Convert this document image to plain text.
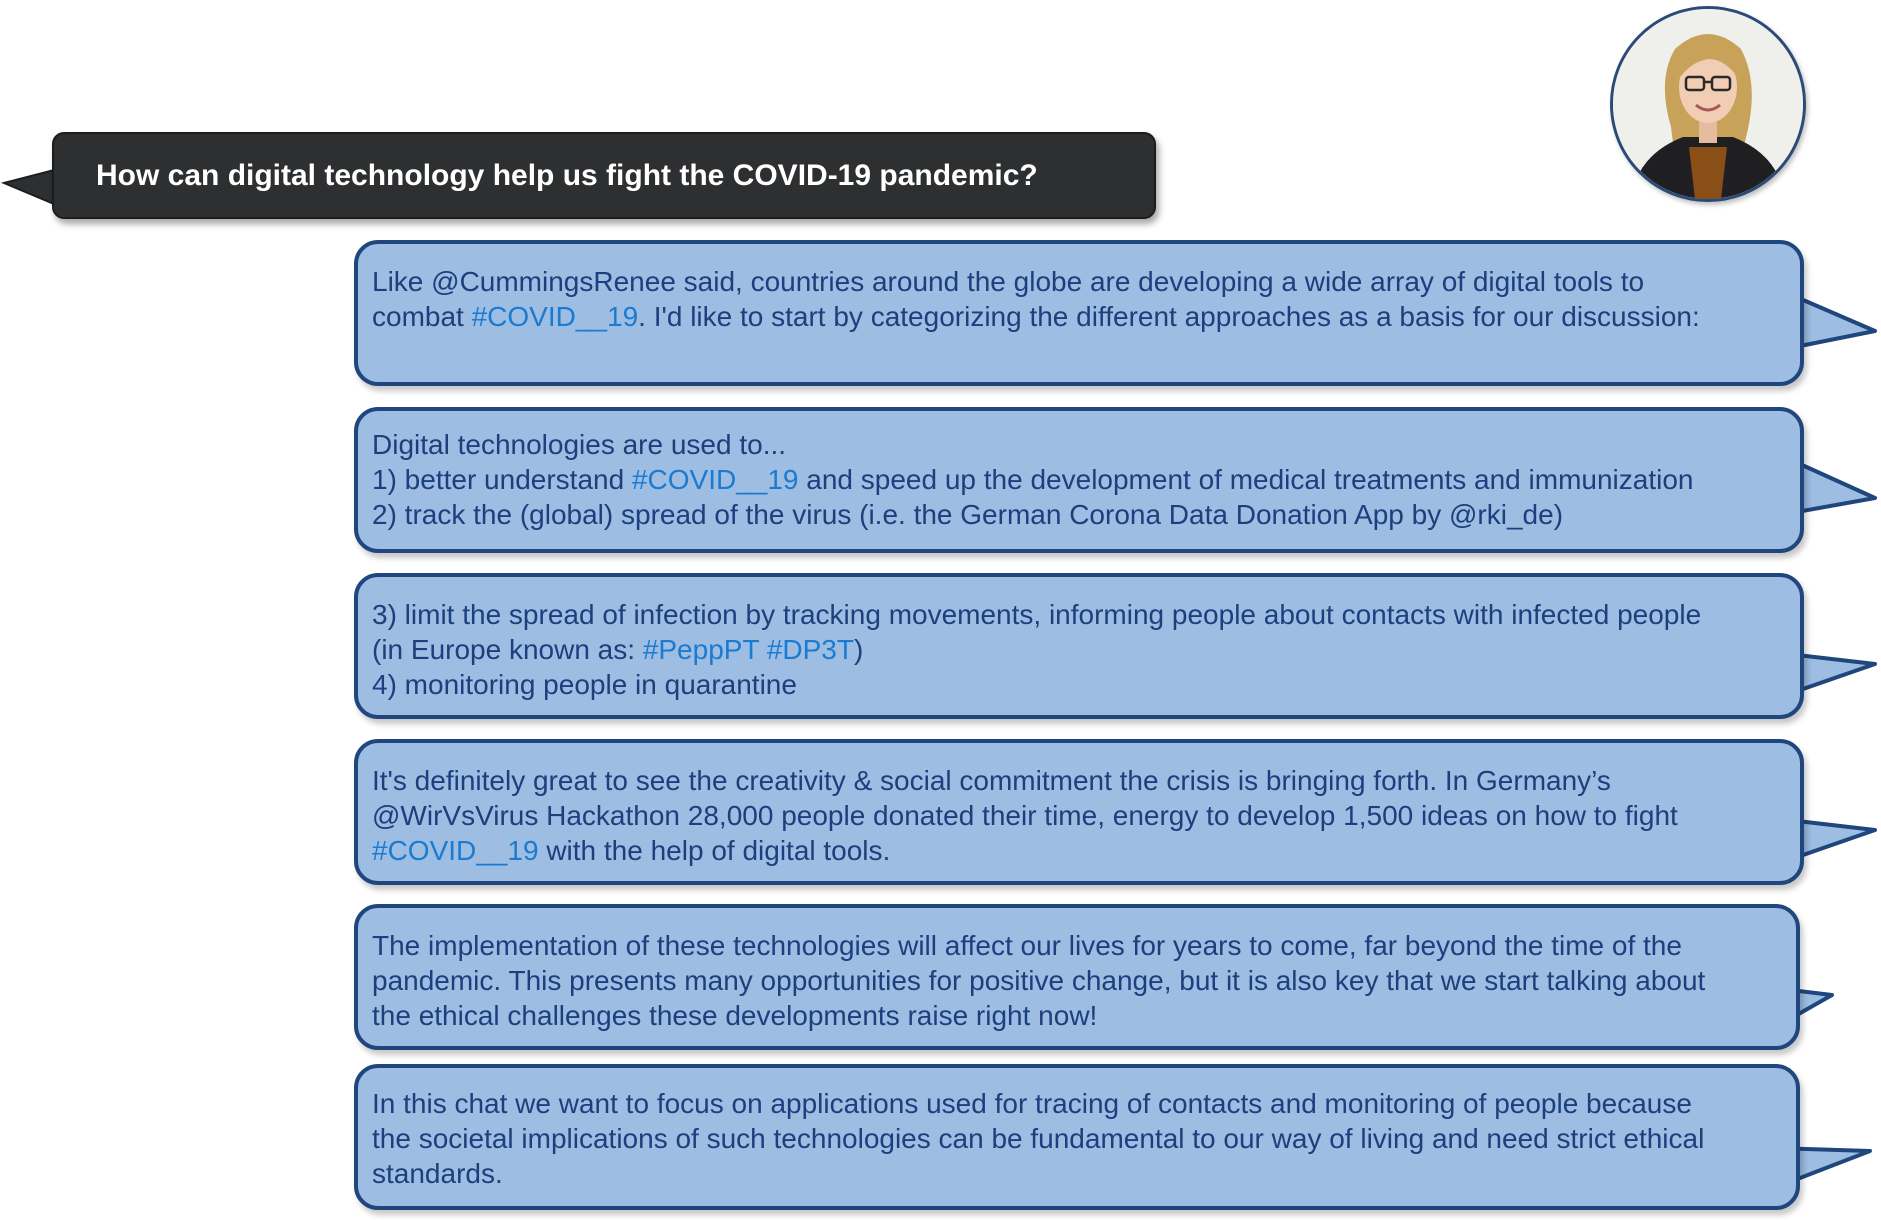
How can digital technology help us fight the COVID-19 pandemic?
Like @CummingsRenee said, countries around the globe are developing a wide array of digital tools to
combat #COVID__19. I'd like to start by categorizing the different approaches as a basis for our discussion:
Digital technologies are used to...
1) better understand #COVID__19 and speed up the development of medical treatments and immunization
2) track the (global) spread of the virus (i.e. the German Corona Data Donation App by @rki_de)
3) limit the spread of infection by tracking movements, informing people about contacts with infected people
(in Europe known as: #PeppPT #DP3T)
4) monitoring people in quarantine
It's definitely great to see the creativity & social commitment the crisis is bringing forth. In Germany’s
@WirVsVirus Hackathon 28,000 people donated their time, energy to develop 1,500 ideas on how to fight
#COVID__19 with the help of digital tools.
The implementation of these technologies will affect our lives for years to come, far beyond the time of the
pandemic. This presents many opportunities for positive change, but it is also key that we start talking about
the ethical challenges these developments raise right now!
In this chat we want to focus on applications used for tracing of contacts and monitoring of people because
the societal implications of such technologies can be fundamental to our way of living and need strict ethical
standards.
